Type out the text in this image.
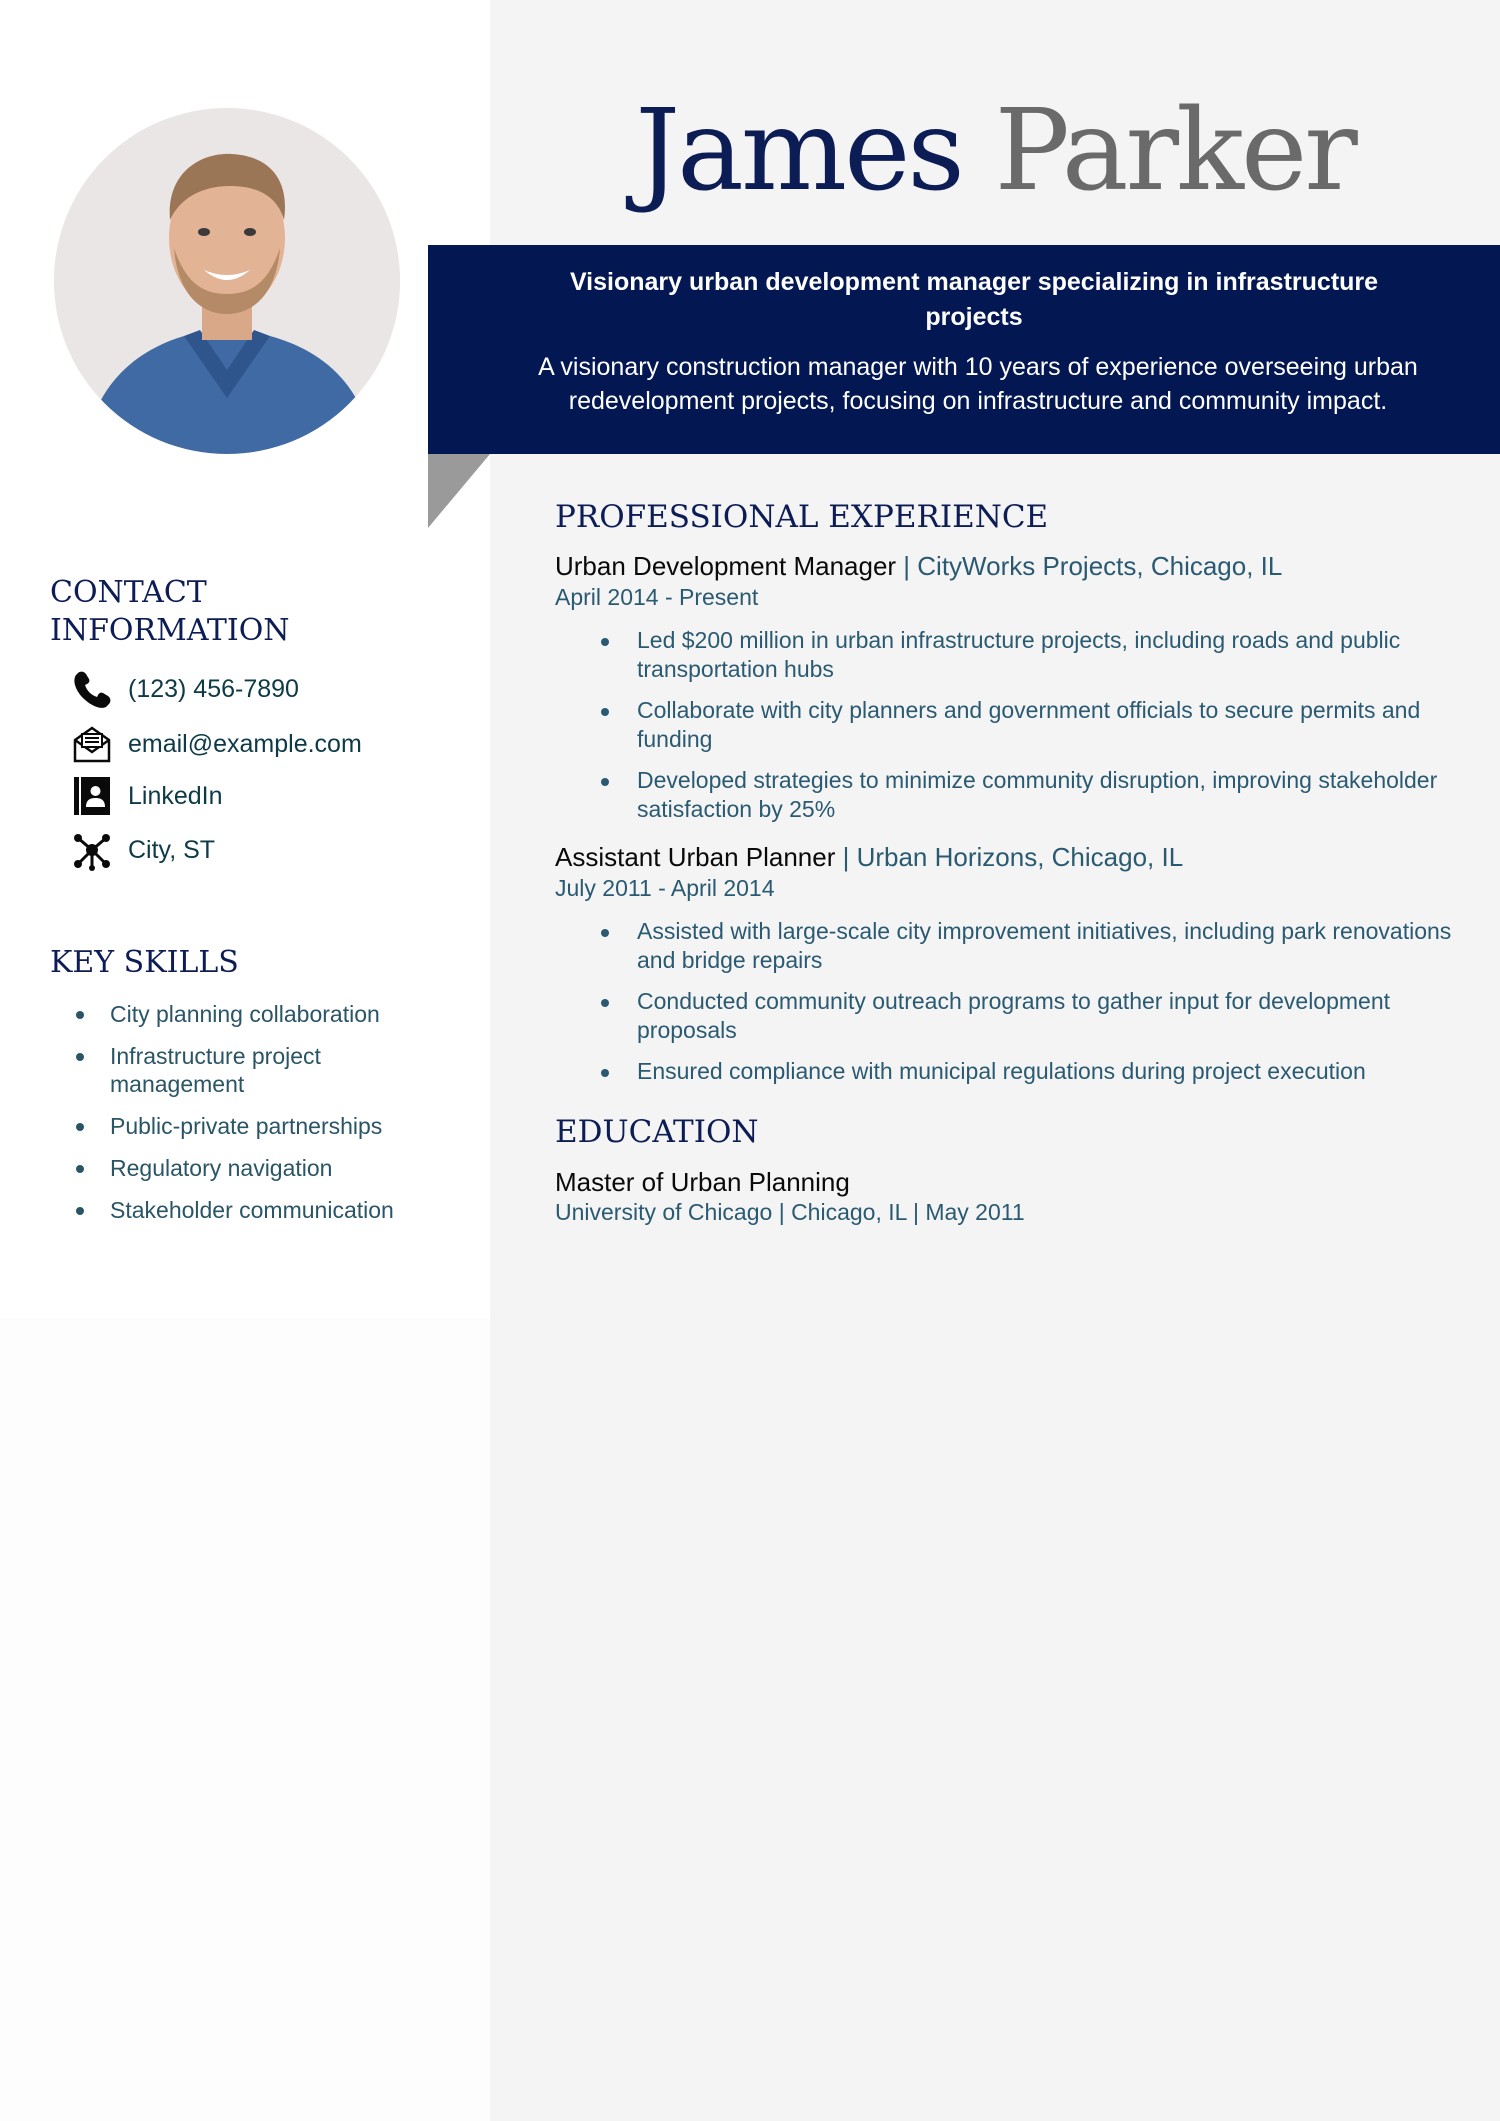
James Parker
Visionary urban development manager specializing in infrastructure projects
A visionary construction manager with 10 years of experience overseeing urban redevelopment projects, focusing on infrastructure and community impact.
CONTACT INFORMATION
(123) 456-7890
email@example.com
LinkedIn
City, ST
KEY SKILLS
City planning collaboration
Infrastructure project management
Public-private partnerships
Regulatory navigation
Stakeholder communication
PROFESSIONAL EXPERIENCE
Urban Development Manager | CityWorks Projects, Chicago, IL
April 2014 - Present
Led $200 million in urban infrastructure projects, including roads and public transportation hubs
Collaborate with city planners and government officials to secure permits and funding
Developed strategies to minimize community disruption, improving stakeholder satisfaction by 25%
Assistant Urban Planner | Urban Horizons, Chicago, IL
July 2011 - April 2014
Assisted with large-scale city improvement initiatives, including park renovations and bridge repairs
Conducted community outreach programs to gather input for development proposals
Ensured compliance with municipal regulations during project execution
EDUCATION
Master of Urban Planning
University of Chicago | Chicago, IL | May 2011
